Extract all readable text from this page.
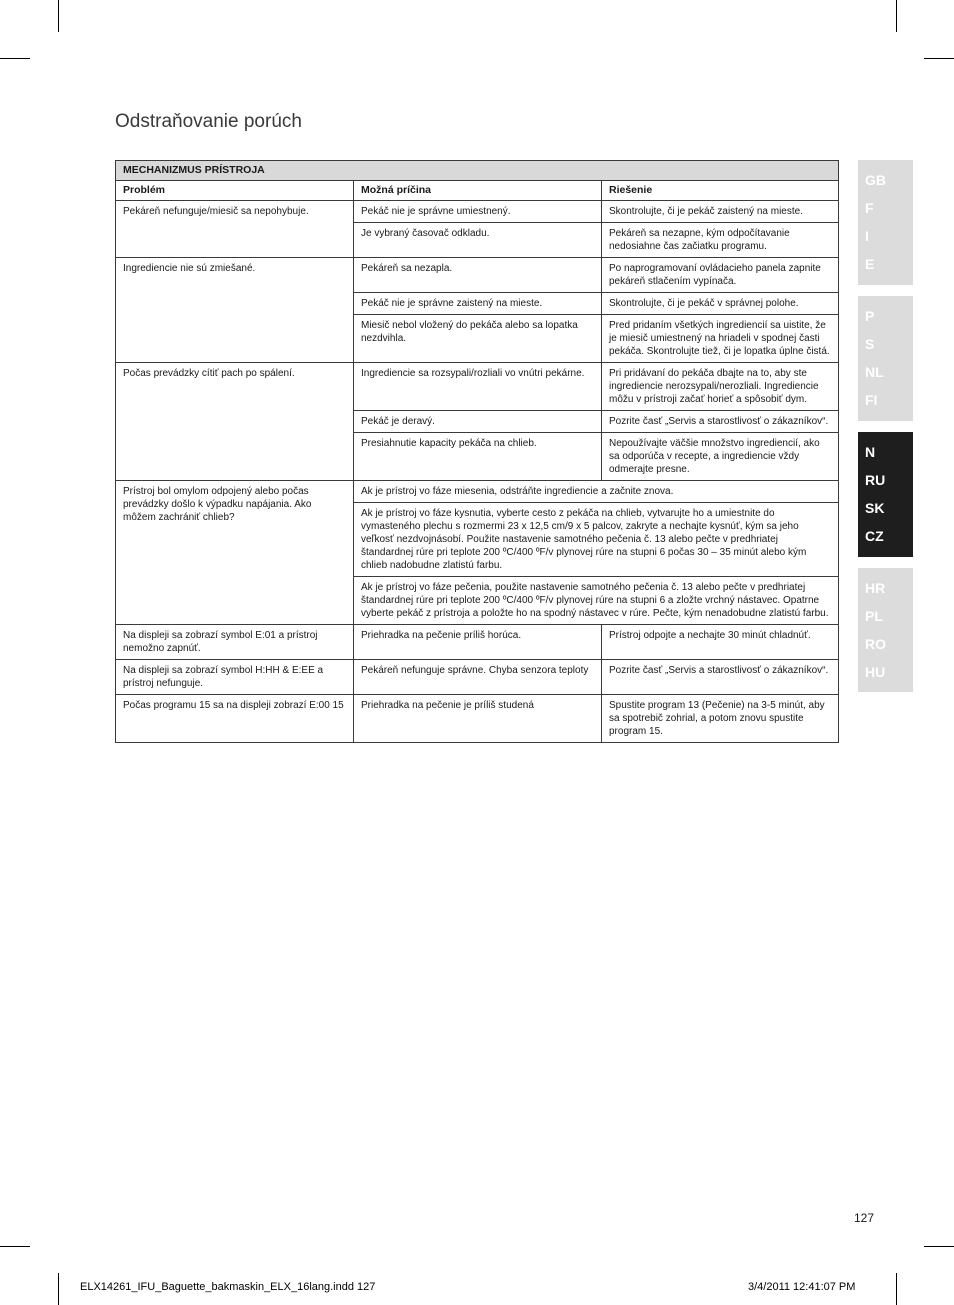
Odstraňovanie porúch
MECHANIZMUS PRÍSTROJA		
Problém	Možná príčina	Riešenie
Pekáreň nefunguje/miesič sa nepohybuje.	Pekáč nie je správne umiestnený.	Skontrolujte, či je pekáč zaistený na mieste.
	Je vybraný časovač odkladu.	Pekáreň sa nezapne, kým odpočítavanie nedosiahne čas začiatku programu.
Ingrediencie nie sú zmiešané.	Pekáreň sa nezapla.	Po naprogramovaní ovládacieho panela zapnite pekáreň stlačením vypínača.
	Pekáč nie je správne zaistený na mieste.	Skontrolujte, či je pekáč v správnej polohe.
	Miesič nebol vložený do pekáča alebo sa lopatka nezdvihla.	Pred pridaním všetkých ingrediencií sa uistite, že je miesič umiestnený na hriadeli v spodnej časti pekáča. Skontrolujte tiež, či je lopatka úplne čistá.
Počas prevádzky cítiť pach po spálení.	Ingrediencie sa rozsypali/rozliali vo vnútri pekárne.	Pri pridávaní do pekáča dbajte na to, aby ste ingrediencie nerozsypali/nerozliali. Ingrediencie môžu v prístroji začať horieť a spôsobiť dym.
	Pekáč je deravý.	Pozrite časť „Servis a starostlivosť o zákazníkov“.
	Presiahnutie kapacity pekáča na chlieb.	Nepoužívajte väčšie množstvo ingrediencií, ako sa odporúča v recepte, a ingrediencie vždy odmerajte presne.
Prístroj bol omylom odpojený alebo počas prevádzky došlo k výpadku napájania. Ako môžem zachrániť chlieb?	Ak je prístroj vo fáze miesenia, odstráňte ingrediencie a začnite znova.	
	Ak je prístroj vo fáze kysnutia, vyberte cesto z pekáča na chlieb, vytvarujte ho a umiestnite do vymasteného plechu s rozmermi 23 x 12,5 cm/9 x 5 palcov, zakryte a nechajte kysnúť, kým sa jeho veľkosť nezdvojnásobí. Použite nastavenie samotného pečenia č. 13 alebo pečte v predhriatej štandardnej rúre pri teplote 200 ºC/400 ºF/v plynovej rúre na stupni 6 počas 30 – 35 minút alebo kým chlieb nadobudne zlatistú farbu.	
	Ak je prístroj vo fáze pečenia, použite nastavenie samotného pečenia č. 13 alebo pečte v predhriatej štandardnej rúre pri teplote 200 ºC/400 ºF/v plynovej rúre na stupni 6 a zložte vrchný nástavec. Opatrne vyberte pekáč z prístroja a položte ho na spodný nástavec v rúre. Pečte, kým nenadobudne zlatistú farbu.	
Na displeji sa zobrazí symbol E:01 a prístroj nemožno zapnúť.	Priehradka na pečenie príliš horúca.	Prístroj odpojte a nechajte 30 minút chladnúť.
Na displeji sa zobrazí symbol H:HH & E:EE a prístroj nefunguje.	Pekáreň nefunguje správne. Chyba senzora teploty	Pozrite časť „Servis a starostlivosť o zákazníkov“.
Počas programu 15 sa na displeji zobrazí E:00 15	Priehradka na pečenie je príliš studená	Spustite program 13 (Pečenie) na 3-5 minút, aby sa spotrebič zohrial, a potom znovu spustite program 15.
GB
F
I
E
P
S
NL
FI
N
RU
SK
CZ
HR
PL
RO
HU
127
ELX14261_IFU_Baguette_bakmaskin_ELX_16lang.indd 127	3/4/2011 12:41:07 PM
